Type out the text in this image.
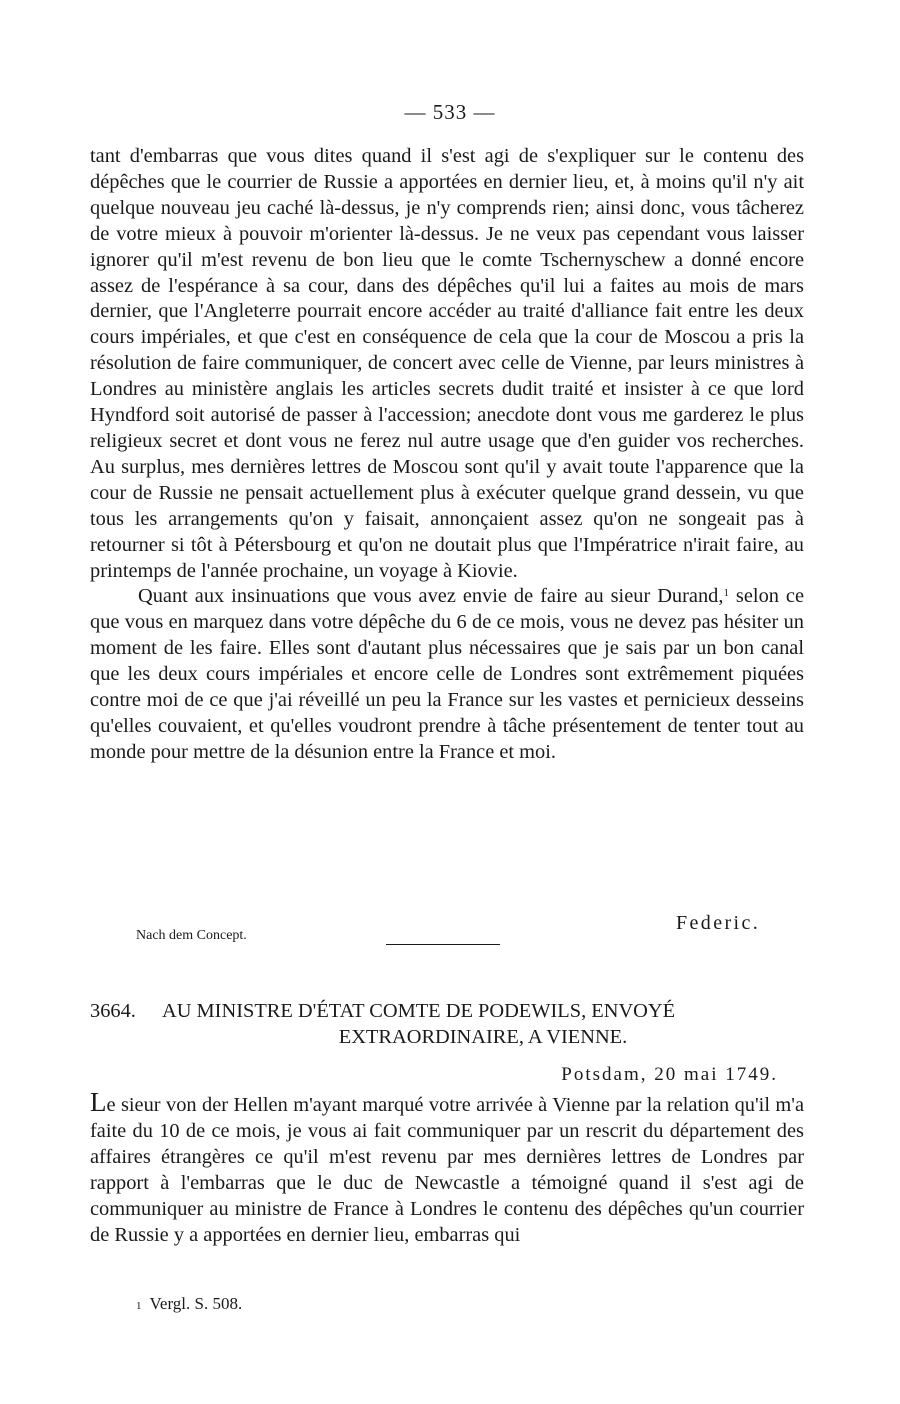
— 533 —

tant d'embarras que vous dites quand il s'est agi de s'expliquer sur le contenu des dépêches que le courrier de Russie a apportées en dernier lieu, et, à moins qu'il n'y ait quelque nouveau jeu caché là-dessus, je n'y comprends rien; ainsi donc, vous tâcherez de votre mieux à pouvoir m'orienter là-dessus. Je ne veux pas cependant vous laisser ignorer qu'il m'est revenu de bon lieu que le comte Tschernyschew a donné encore assez de l'espérance à sa cour, dans des dépêches qu'il lui a faites au mois de mars dernier, que l'Angleterre pourrait encore accéder au traité d'alliance fait entre les deux cours impériales, et que c'est en conséquence de cela que la cour de Moscou a pris la résolution de faire communiquer, de concert avec celle de Vienne, par leurs ministres à Londres au ministère anglais les articles secrets dudit traité et insister à ce que lord Hyndford soit autorisé de passer à l'accession; anecdote dont vous me garderez le plus religieux secret et dont vous ne ferez nul autre usage que d'en guider vos recherches. Au surplus, mes dernières lettres de Moscou sont qu'il y avait toute l'apparence que la cour de Russie ne pensait actuellement plus à exécuter quelque grand dessein, vu que tous les arrangements qu'on y faisait, annonçaient assez qu'on ne songeait pas à retourner si tôt à Pétersbourg et qu'on ne doutait plus que l'Impératrice n'irait faire, au printemps de l'année prochaine, un voyage à Kiovie.

Quant aux insinuations que vous avez envie de faire au sieur Durand,$^1$ selon ce que vous en marquez dans votre dépêche du 6 de ce mois, vous ne devez pas hésiter un moment de les faire. Elles sont d'autant plus nécessaires que je sais par un bon canal que les deux cours impériales et encore celle de Londres sont extrêmement piquées contre moi de ce que j'ai réveillé un peu la France sur les vastes et pernicieux desseins qu'elles couvaient, et qu'elles voudront prendre à tâche présentement de tenter tout au monde pour mettre de la désunion entre la France et moi.

Federic.
Nach dem Concept.
3664. AU MINISTRE D'ÉTAT COMTE DE PODEWILS, ENVOYÉ
EXTRAORDINAIRE, A VIENNE.
Potsdam, 20 mai 1749.

Le sieur von der Hellen m'ayant marqué votre arrivée à Vienne par la relation qu'il m'a faite du 10 de ce mois, je vous ai fait communiquer par un rescrit du département des affaires étrangères ce qu'il m'est revenu par mes dernières lettres de Londres par rapport à l'embarras que le duc de Newcastle a témoigné quand il s'est agi de communiquer au ministre de France à Londres le contenu des dépêches qu'un courrier de Russie y a apportées en dernier lieu, embarras qui

1 Vergl. S. 508.
